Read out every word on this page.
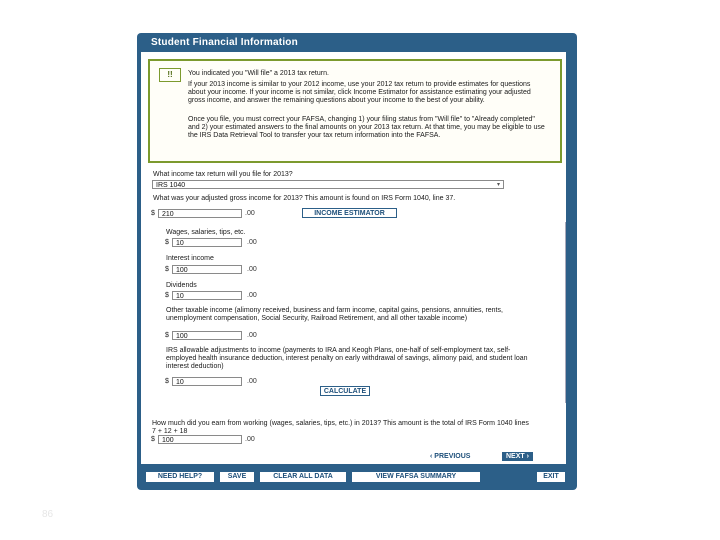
Student Financial Information
!!	You indicated you "Will file" a 2013 tax return.

If your 2013 income is similar to your 2012 income, use your 2012 tax return to provide estimates for questions about your income. If your income is not similar, click Income Estimator for assistance estimating your adjusted gross income, and answer the remaining questions about your income to the best of your ability.

Once you file, you must correct your FAFSA, changing 1) your filing status from "Will file" to "Already completed" and 2) your estimated answers to the final amounts on your 2013 tax return. At that time, you may be eligible to use the IRS Data Retrieval Tool to transfer your tax return information into the FAFSA.

What income tax return will you file for 2013?
IRS 1040	▾
What was your adjusted gross income for 2013? This amount is found on IRS Form 1040, line 37.
$	210	.00	INCOME ESTIMATOR
Wages, salaries, tips, etc.
$	10	.00
Interest income
$	100	.00
Dividends
$	10	.00
Other taxable income (alimony received, business and farm income, capital gains, pensions, annuities, rents, unemployment compensation, Social Security, Railroad Retirement, and all other taxable income)
$	100	.00
IRS allowable adjustments to income (payments to IRA and Keogh Plans, one-half of self-employment tax, self-employed health insurance deduction, interest penalty on early withdrawal of savings, alimony paid, and student loan interest deduction)
$	10	.00
CALCULATE
How much did you earn from working (wages, salaries, tips, etc.) in 2013? This amount is the total of IRS Form 1040 lines 7 + 12 + 18
$	100	.00
‹ PREVIOUS	NEXT ›
NEED HELP?	SAVE	CLEAR ALL DATA	VIEW FAFSA SUMMARY	EXIT
86
